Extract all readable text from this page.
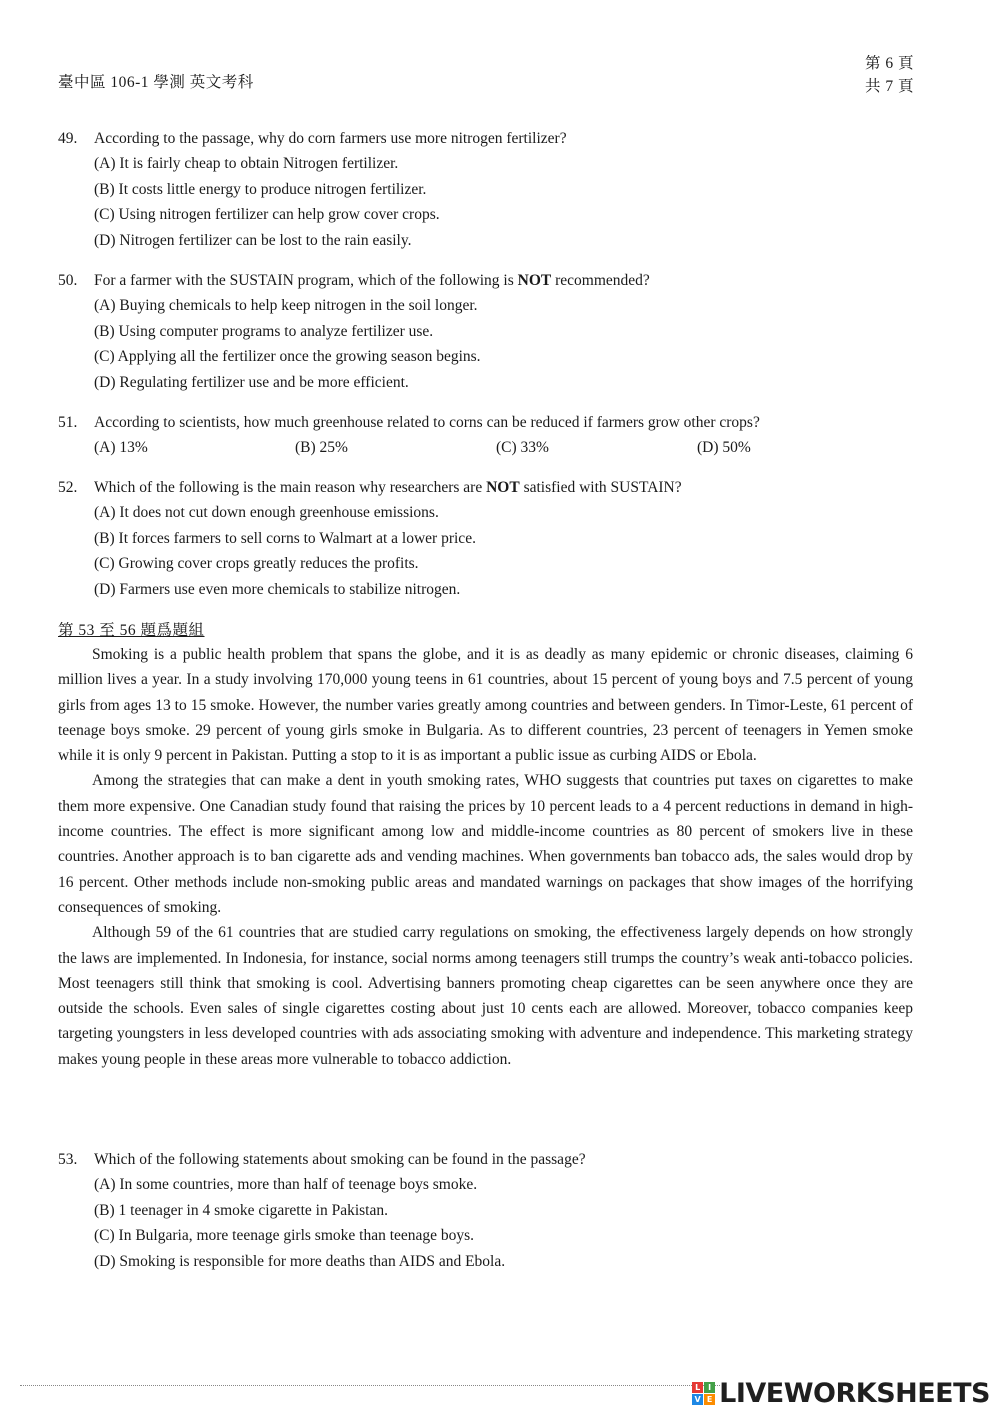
臺中區 106-1 學測 英文考科
第 6 頁
共 7 頁
49.	According to the passage, why do corn farmers use more nitrogen fertilizer?
(A) It is fairly cheap to obtain Nitrogen fertilizer.
(B) It costs little energy to produce nitrogen fertilizer.
(C) Using nitrogen fertilizer can help grow cover crops.
(D) Nitrogen fertilizer can be lost to the rain easily.
50.	For a farmer with the SUSTAIN program, which of the following is NOT recommended?
(A) Buying chemicals to help keep nitrogen in the soil longer.
(B) Using computer programs to analyze fertilizer use.
(C) Applying all the fertilizer once the growing season begins.
(D) Regulating fertilizer use and be more efficient.
51.	According to scientists, how much greenhouse related to corns can be reduced if farmers grow other crops?
(A) 13%	(B) 25%	(C) 33%	(D) 50%
52.	Which of the following is the main reason why researchers are NOT satisfied with SUSTAIN?
(A) It does not cut down enough greenhouse emissions.
(B) It forces farmers to sell corns to Walmart at a lower price.
(C) Growing cover crops greatly reduces the profits.
(D) Farmers use even more chemicals to stabilize nitrogen.
第 53 至 56 題爲題組

Smoking is a public health problem that spans the globe, and it is as deadly as many epidemic or chronic diseases, claiming 6 million lives a year. In a study involving 170,000 young teens in 61 countries, about 15 percent of young boys and 7.5 percent of young girls from ages 13 to 15 smoke. However, the number varies greatly among countries and between genders. In Timor-Leste, 61 percent of teenage boys smoke. 29 percent of young girls smoke in Bulgaria. As to different countries, 23 percent of teenagers in Yemen smoke while it is only 9 percent in Pakistan. Putting a stop to it is as important a public issue as curbing AIDS or Ebola.

Among the strategies that can make a dent in youth smoking rates, WHO suggests that countries put taxes on cigarettes to make them more expensive. One Canadian study found that raising the prices by 10 percent leads to a 4 percent reductions in demand in high-income countries. The effect is more significant among low and middle-income countries as 80 percent of smokers live in these countries. Another approach is to ban cigarette ads and vending machines. When governments ban tobacco ads, the sales would drop by 16 percent. Other methods include non-smoking public areas and mandated warnings on packages that show images of the horrifying consequences of smoking.

Although 59 of the 61 countries that are studied carry regulations on smoking, the effectiveness largely depends on how strongly the laws are implemented. In Indonesia, for instance, social norms among teenagers still trumps the country’s weak anti-tobacco policies. Most teenagers still think that smoking is cool. Advertising banners promoting cheap cigarettes can be seen anywhere once they are outside the schools. Even sales of single cigarettes costing about just 10 cents each are allowed. Moreover, tobacco companies keep targeting youngsters in less developed countries with ads associating smoking with adventure and independence. This marketing strategy makes young people in these areas more vulnerable to tobacco addiction.

53.	Which of the following statements about smoking can be found in the passage?
(A) In some countries, more than half of teenage boys smoke.
(B) 1 teenager in 4 smoke cigarette in Pakistan.
(C) In Bulgaria, more teenage girls smoke than teenage boys.
(D) Smoking is responsible for more deaths than AIDS and Ebola.
L I
V E LIVEWORKSHEETS
